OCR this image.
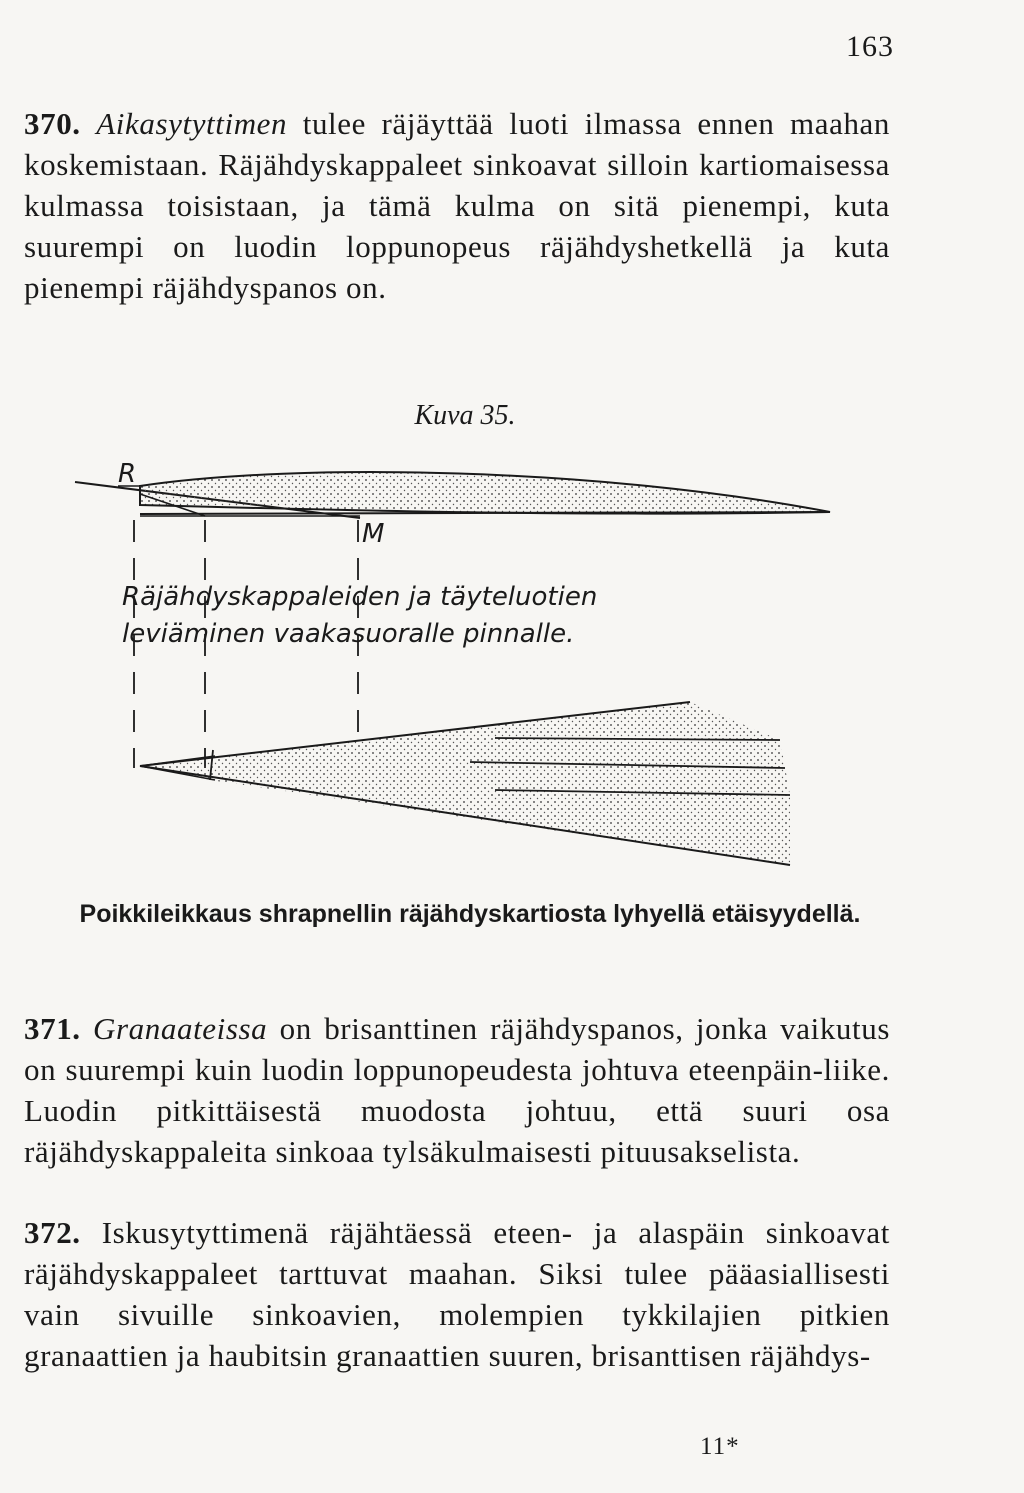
163

370. Aikasytyttimen tulee räjäyttää luoti ilmassa ennen maahan koskemistaan. Räjähdyskappaleet sinkoavat silloin kartiomaisessa kulmassa toisistaan, ja tämä kulma on sitä pienempi, kuta suurempi on luodin loppunopeus räjähdyshetkellä ja kuta pienempi räjähdyspanos on.

Kuva 35.
R
M
Räjähdyskappaleiden ja täyteluotien
leviäminen vaakasuoralle pinnalle.
Poikkileikkaus shrapnellin räjähdyskartiosta lyhyellä etäisyydellä.

371. Granaateissa on brisanttinen räjähdyspanos, jonka vaikutus on suurempi kuin luodin loppunopeudesta johtuva eteenpäin-liike. Luodin pitkittäisestä muodosta johtuu, että suuri osa räjähdyskappaleita sinkoaa tylsäkulmaisesti pituusakselista.

372. Iskusytyttimenä räjähtäessä eteen- ja alaspäin sinkoavat räjähdyskappaleet tarttuvat maahan. Siksi tulee pääasiallisesti vain sivuille sinkoavien, molempien tykkilajien pitkien granaattien ja haubitsin granaattien suuren, brisanttisen räjähdys-

11*
